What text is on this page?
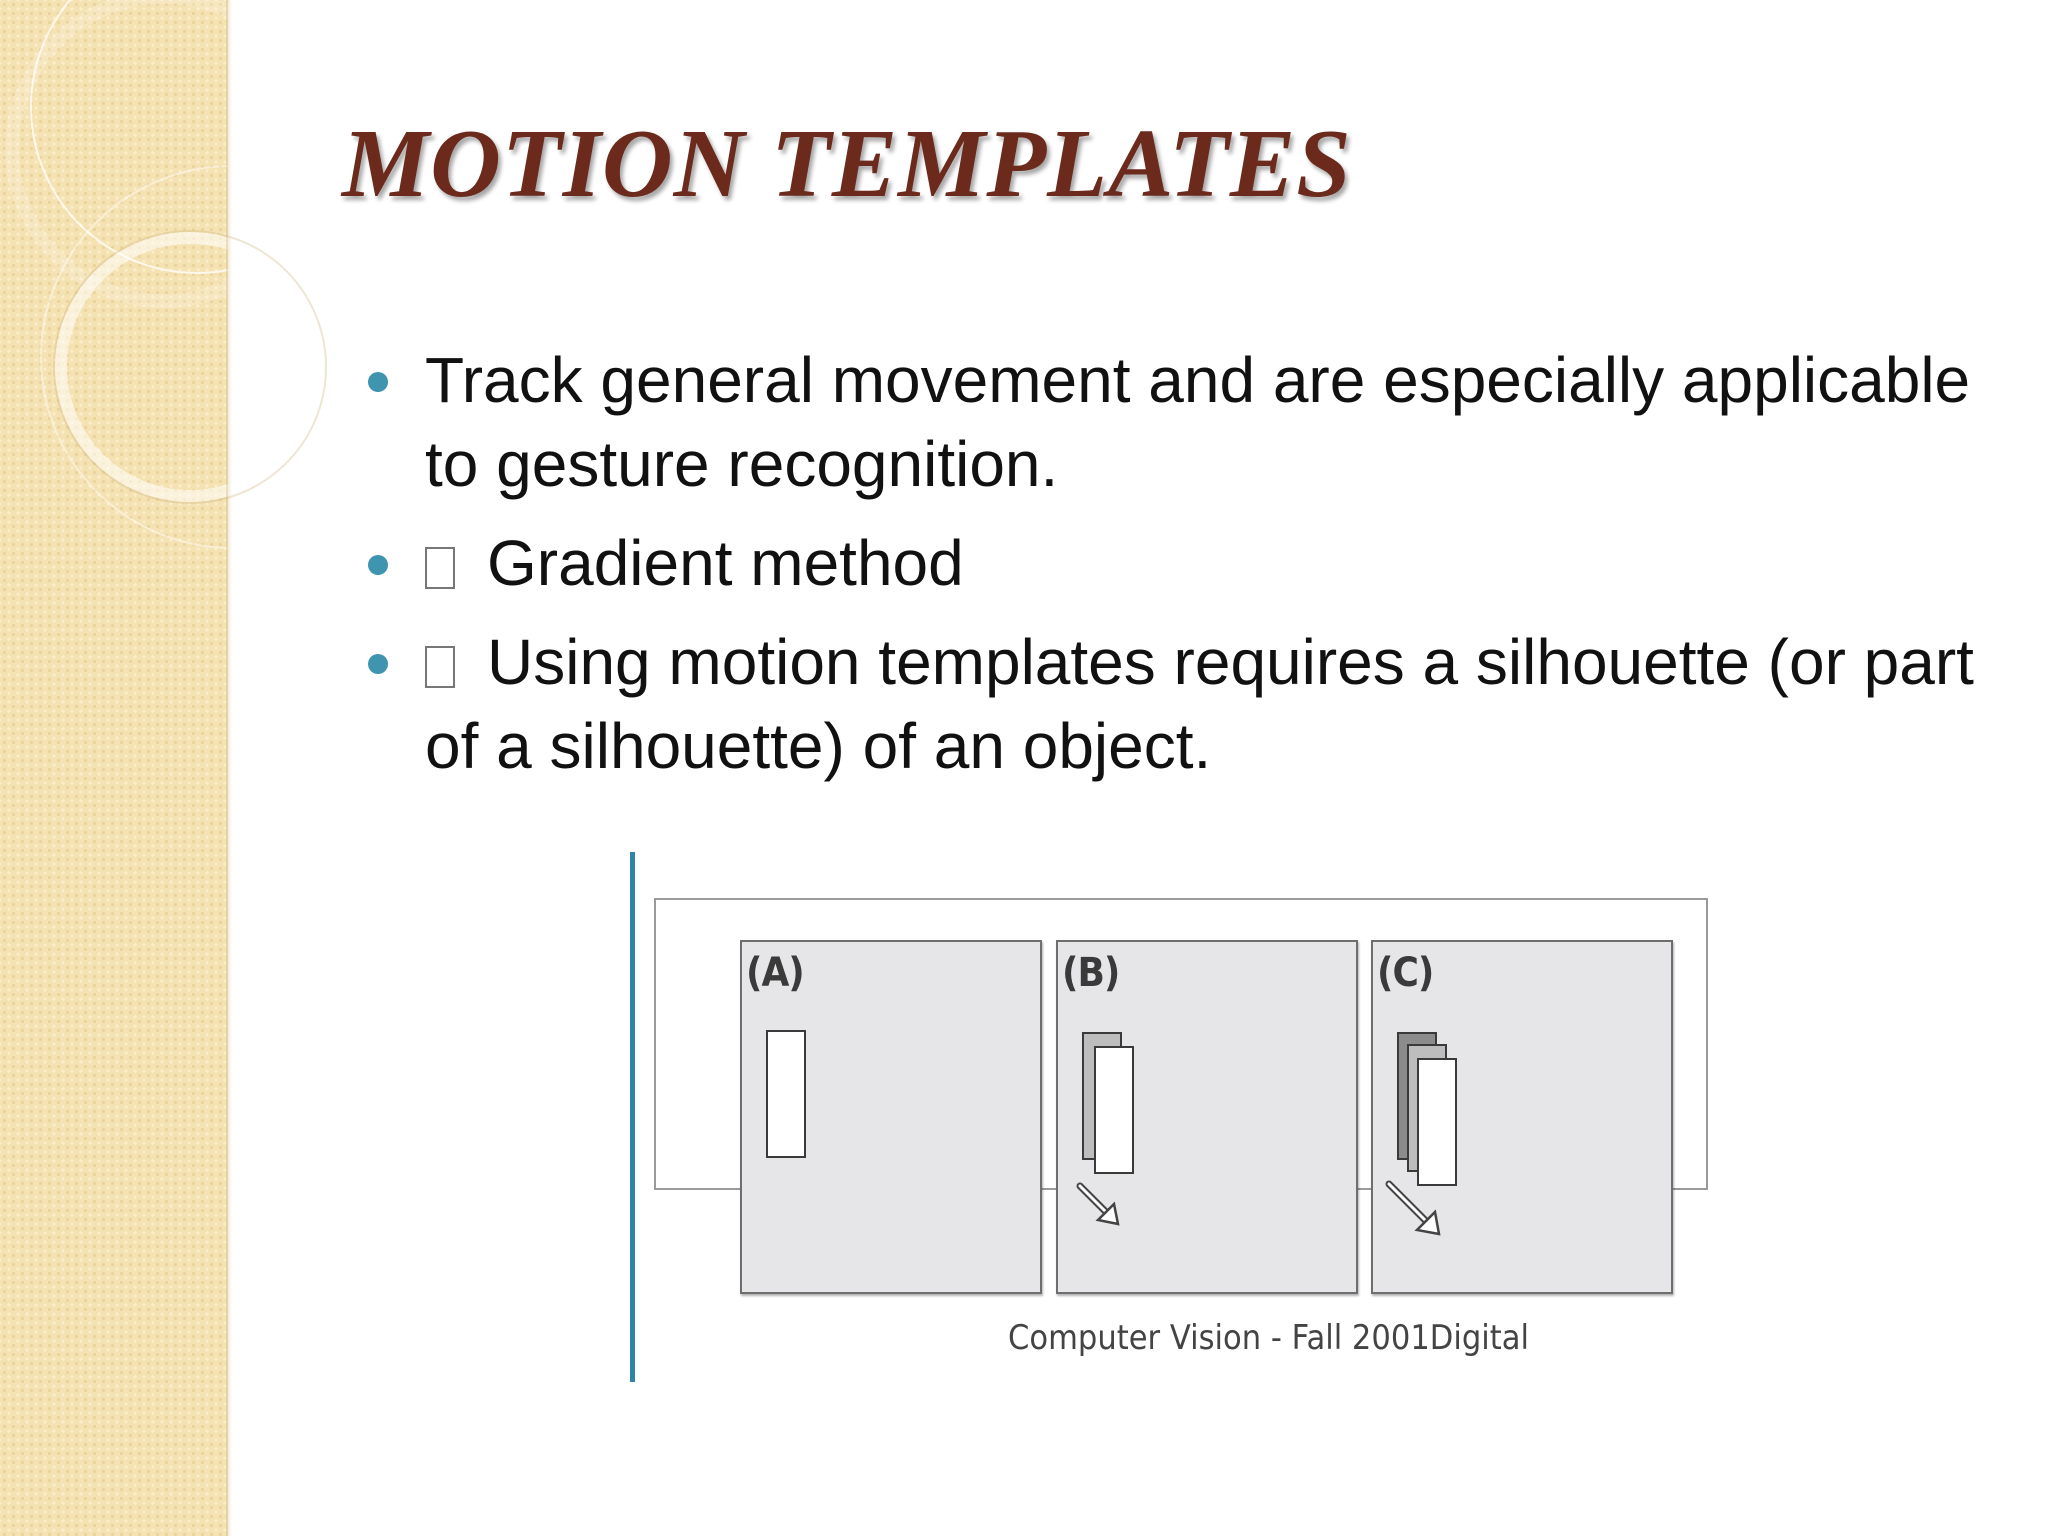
MOTION TEMPLATES
Track general movement and are especially applicable to gesture recognition.
Gradient method
Using motion templates requires a silhouette (or part of a silhouette) of an object.
(A)	(B)	(C)
Computer Vision - Fall 2001Digital
